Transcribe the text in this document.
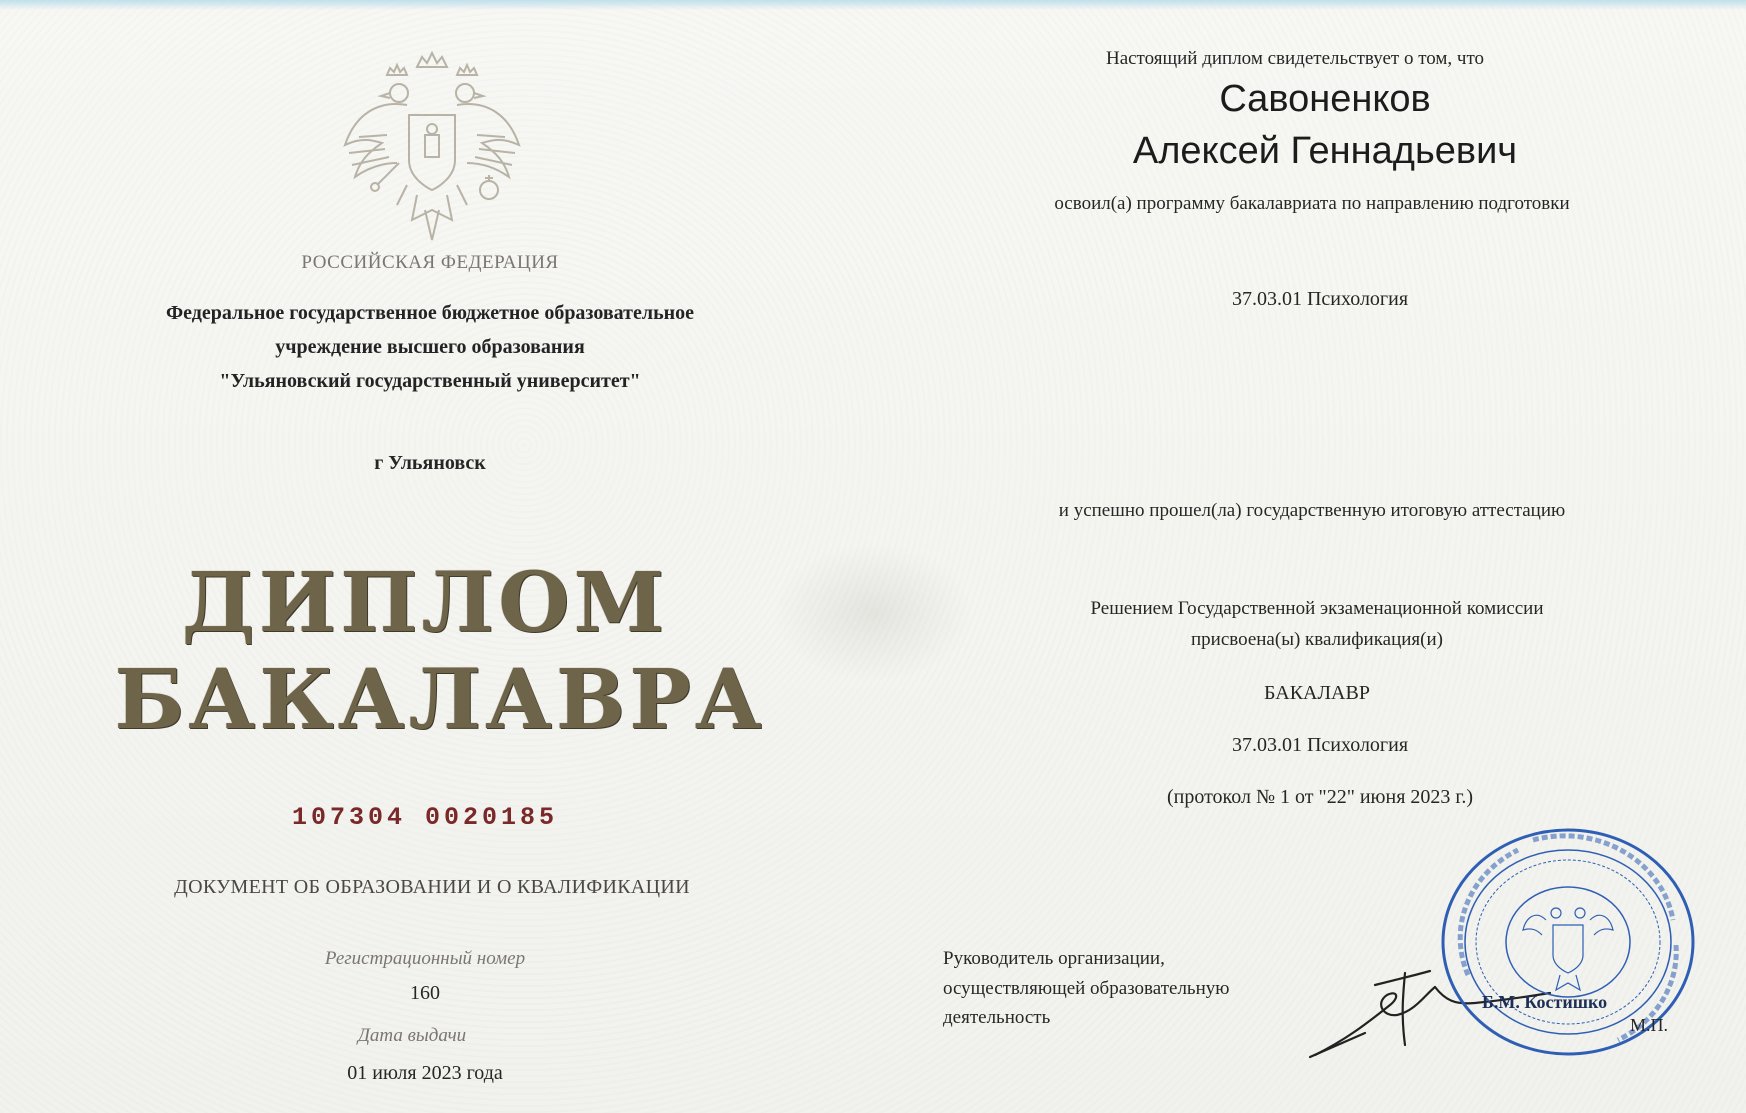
РОССИЙСКАЯ ФЕДЕРАЦИЯ
Федеральное государственное бюджетное образовательное
учреждение высшего образования
"Ульяновский государственный университет"
г Ульяновск
ДИПЛОМ
БАКАЛАВРА
107304 0020185
ДОКУМЕНТ ОБ ОБРАЗОВАНИИ И О КВАЛИФИКАЦИИ
Регистрационный номер
160
Дата выдачи
01 июля 2023 года
Настоящий диплом свидетельствует о том, что
Савоненков
Алексей Геннадьевич
освоил(а) программу бакалавриата по направлению подготовки
37.03.01 Психология
и успешно прошел(ла) государственную итоговую аттестацию
Решением Государственной экзаменационной комиссии
присвоена(ы) квалификация(и)
БАКАЛАВР
37.03.01 Психология
(протокол № 1 от "22" июня 2023 г.)
Руководитель организации,
осуществляющей образовательную
деятельность
Б.М. Костишко
М.П.
